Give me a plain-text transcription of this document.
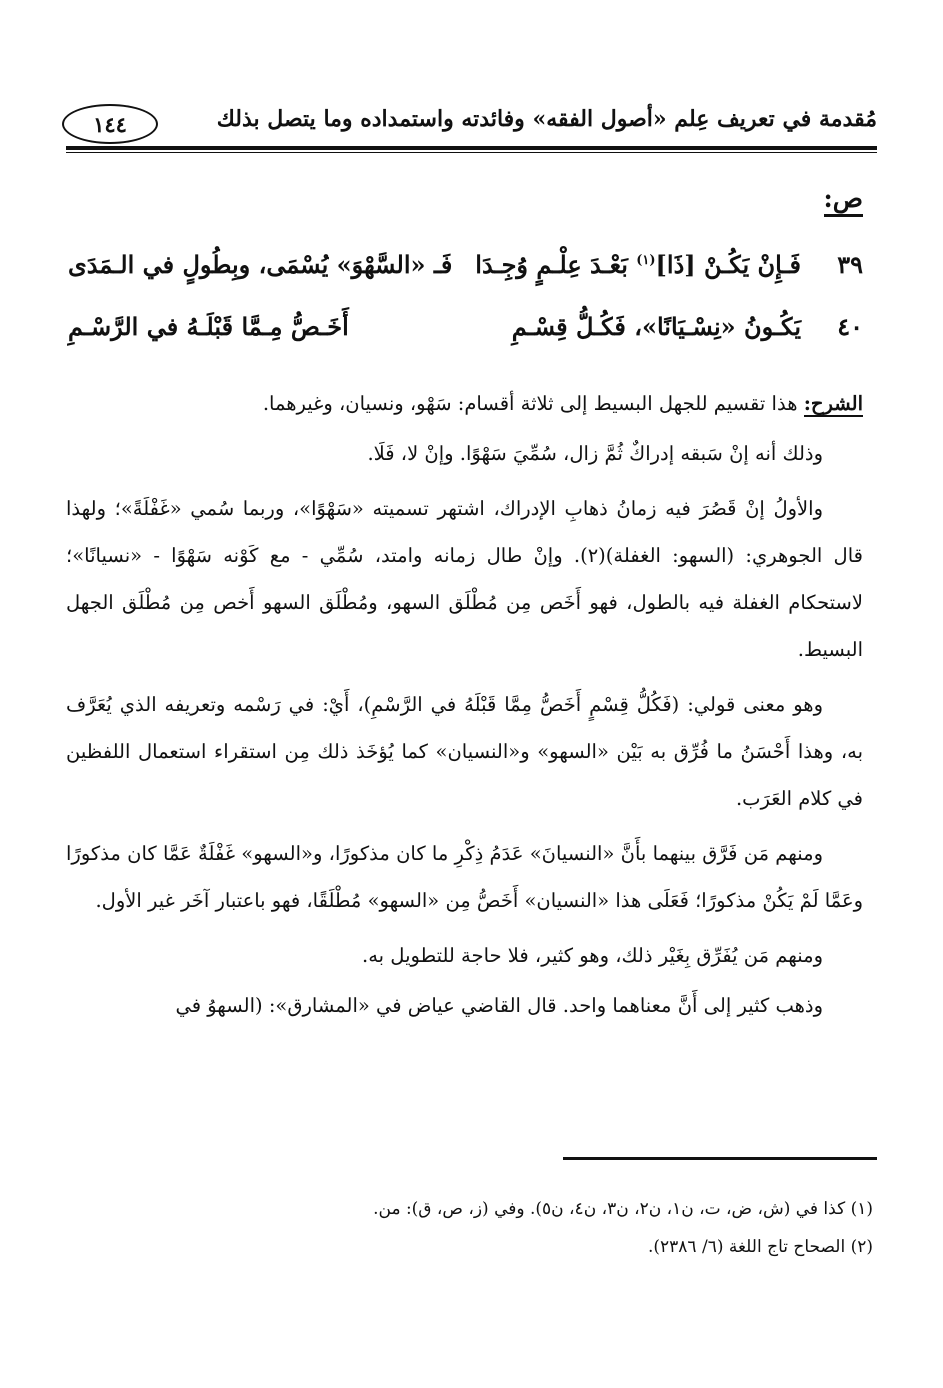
مُقدمة في تعريف عِلم «أصول الفقه» وفائدته واستمداده وما يتصل بذلك
١٤٤
ص:
٣٩
فَـإِنْ يَكُـنْ [ذَا]$^{(١)}$ بَعْـدَ عِلْـمٍ وُجِـدَا
فَـ «السَّهْوَ» يُسْمَى، وبِطُولٍ في الـمَدَى
٤٠
يَكُـونُ «نِسْـيَانًا»، فَكُـلُّ قِسْـمِ
أَخَـصُّ مِـمَّا قَبْلَـهُ في الرَّسْـمِ

الشرح: هذا تقسيم للجهل البسيط إلى ثلاثة أقسام: سَهْو، ونسيان، وغيرهما.

وذلك أنه إنْ سَبقه إدراكٌ ثُمَّ زال، سُمِّيَ سَهْوًا. وإنْ لا، فَلَا.

والأولُ إنْ قَصُرَ فيه زمانُ ذهابِ الإدراك، اشتهر تسميته «سَهْوًا»، وربما سُمي «غَفْلَةً»؛ ولهذا قال الجوهري: (السهو: الغفلة)(٢). وإنْ طال زمانه وامتد، سُمِّي - مع كَوْنه سَهْوًا - «نسيانًا»؛ لاستحكام الغفلة فيه بالطول، فهو أَخَص مِن مُطْلَق السهو، ومُطْلَق السهو أَخص مِن مُطْلَق الجهل البسيط.

وهو معنى قولي: (فَكُلُّ قِسْمٍ أَخَصُّ مِمَّا قَبْلَهُ في الرَّسْمِ)، أَيْ: في رَسْمه وتعريفه الذي يُعَرَّف به، وهذا أَحْسَنُ ما فُرِّق به بَيْن «السهو» و«النسيان» كما يُؤخَذ ذلك مِن استقراء استعمال اللفظين في كلام العَرَب.

ومنهم مَن فَرَّق بينهما بأَنَّ «النسيانَ» عَدَمُ ذِكْرِ ما كان مذكورًا، و«السهو» غَفْلَةٌ عَمَّا كان مذكورًا وعَمَّا لَمْ يَكُنْ مذكورًا؛ فَعَلَى هذا «النسيان» أَخَصُّ مِن «السهو» مُطْلَقًا، فهو باعتبار آخَر غير الأول.

ومنهم مَن يُفَرِّق بِغَيْر ذلك، وهو كثير، فلا حاجة للتطويل به.

وذهب كثير إلى أَنَّ معناهما واحد. قال القاضي عياض في «المشارق»: (السهوُ في

(١) كذا في (ش، ض، ت، ن١، ن٢، ن٣، ن٤، ن٥). وفي (ز، ص، ق): من.

(٢) الصحاح تاج اللغة (٦/ ٢٣٨٦).
